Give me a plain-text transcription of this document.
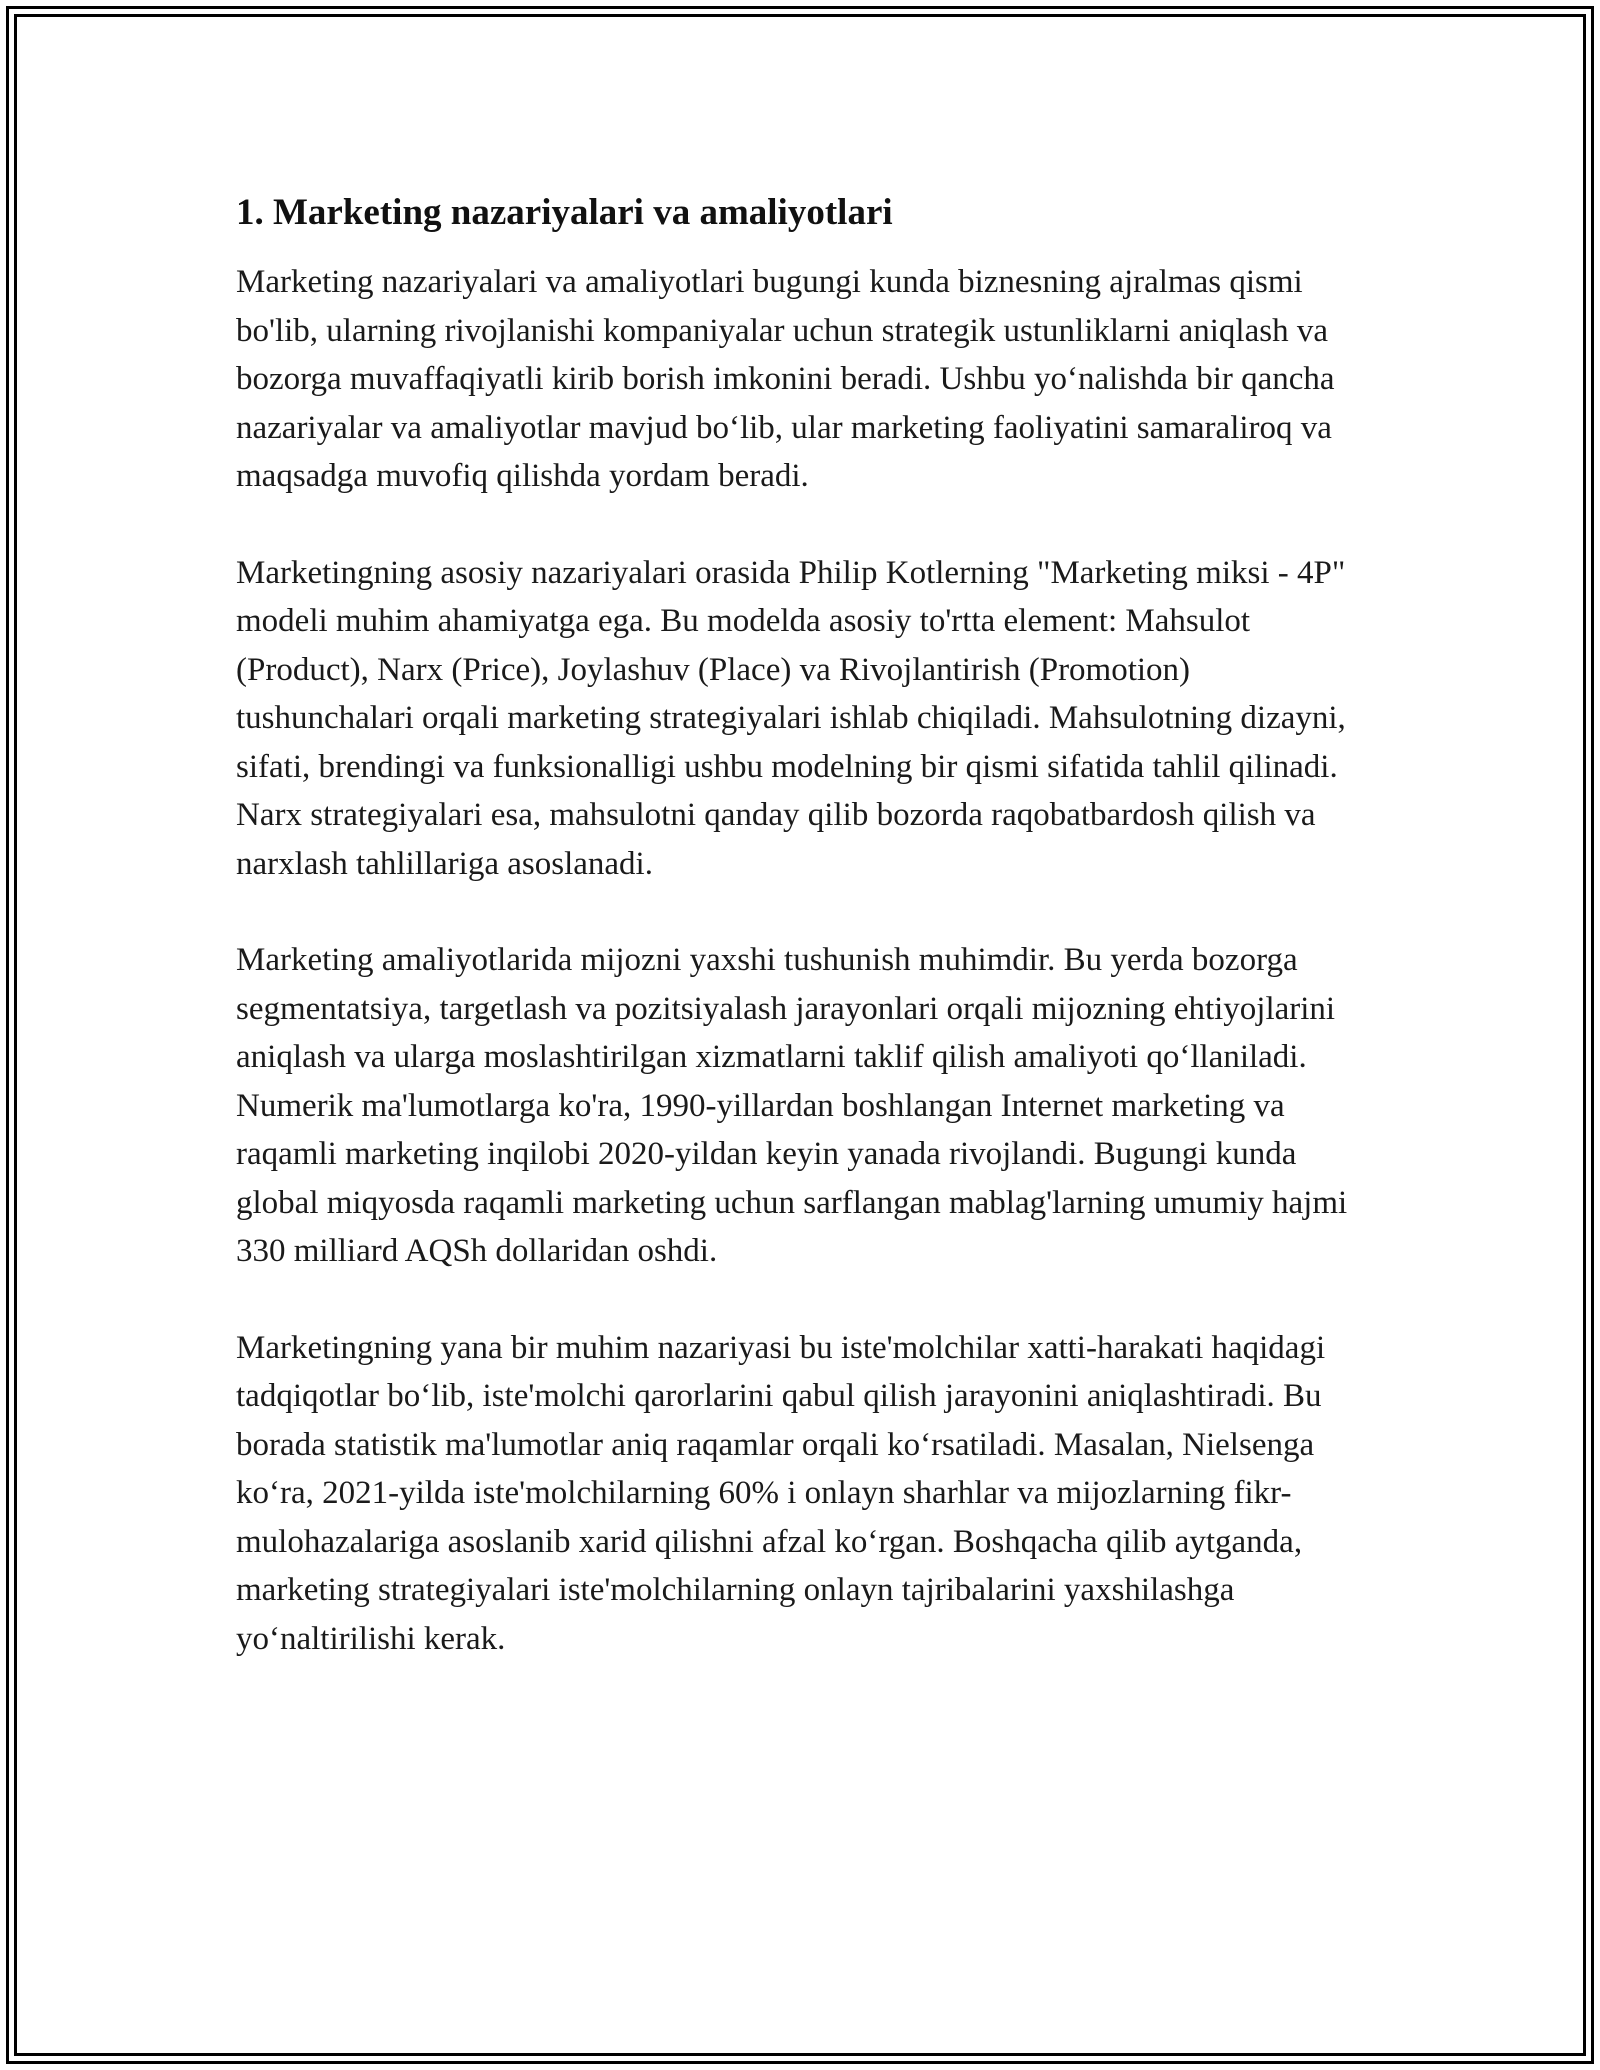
1. Marketing nazariyalari va amaliyotlari

Marketing nazariyalari va amaliyotlari bugungi kunda biznesning ajralmas qismi bo'lib, ularning rivojlanishi kompaniyalar uchun strategik ustunliklarni aniqlash va bozorga muvaffaqiyatli kirib borish imkonini beradi. Ushbu yo‘nalishda bir qancha nazariyalar va amaliyotlar mavjud bo‘lib, ular marketing faoliyatini samaraliroq va maqsadga muvofiq qilishda yordam beradi.

Marketingning asosiy nazariyalari orasida Philip Kotlerning "Marketing miksi - 4P" modeli muhim ahamiyatga ega. Bu modelda asosiy to'rtta element: Mahsulot (Product), Narx (Price), Joylashuv (Place) va Rivojlantirish (Promotion) tushunchalari orqali marketing strategiyalari ishlab chiqiladi. Mahsulotning dizayni, sifati, brendingi va funksionalligi ushbu modelning bir qismi sifatida tahlil qilinadi. Narx strategiyalari esa, mahsulotni qanday qilib bozorda raqobatbardosh qilish va narxlash tahlillariga asoslanadi.

Marketing amaliyotlarida mijozni yaxshi tushunish muhimdir. Bu yerda bozorga segmentatsiya, targetlash va pozitsiyalash jarayonlari orqali mijozning ehtiyojlarini aniqlash va ularga moslashtirilgan xizmatlarni taklif qilish amaliyoti qo‘llaniladi. Numerik ma'lumotlarga ko'ra, 1990-yillardan boshlangan Internet marketing va raqamli marketing inqilobi 2020-yildan keyin yanada rivojlandi. Bugungi kunda global miqyosda raqamli marketing uchun sarflangan mablag'larning umumiy hajmi 330 milliard AQSh dollaridan oshdi.

Marketingning yana bir muhim nazariyasi bu iste'molchilar xatti-harakati haqidagi tadqiqotlar bo‘lib, iste'molchi qarorlarini qabul qilish jarayonini aniqlashtiradi. Bu borada statistik ma'lumotlar aniq raqamlar orqali ko‘rsatiladi. Masalan, Nielsenga ko‘ra, 2021-yilda iste'molchilarning 60% i onlayn sharhlar va mijozlarning fikr-mulohazalariga asoslanib xarid qilishni afzal ko‘rgan. Boshqacha qilib aytganda, marketing strategiyalari iste'molchilarning onlayn tajribalarini yaxshilashga yo‘naltirilishi kerak.
